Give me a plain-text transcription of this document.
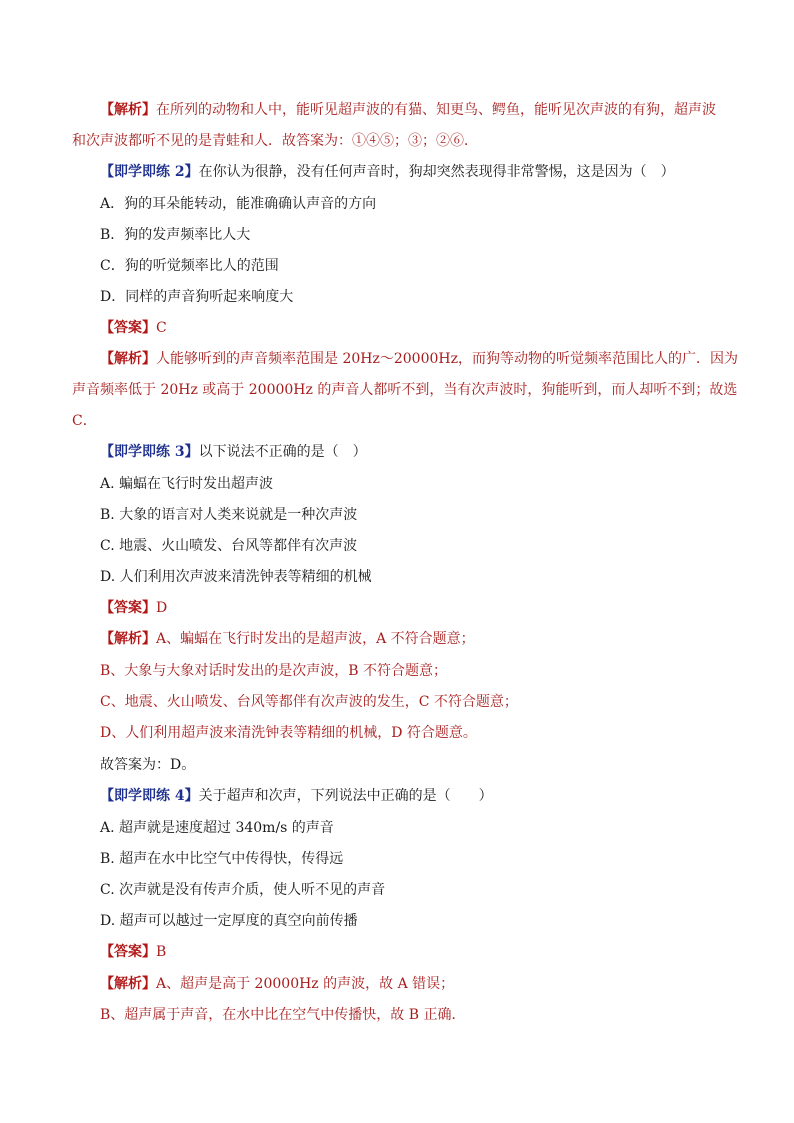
【解析】在所列的动物和人中，能听见超声波的有猫、知更鸟、鳄鱼，能听见次声波的有狗，超声波
和次声波都听不见的是青蛙和人．故答案为：①④⑤；③；②⑥．
【即学即练 2】在你认为很静，没有任何声音时，狗却突然表现得非常警惕，这是因为（　）
A．狗的耳朵能转动，能准确确认声音的方向
B．狗的发声频率比人大
C．狗的听觉频率比人的范围
D．同样的声音狗听起来响度大
【答案】C
【解析】人能够听到的声音频率范围是 20Hz～20000Hz，而狗等动物的听觉频率范围比人的广．因为
声音频率低于 20Hz 或高于 20000Hz 的声音人都听不到，当有次声波时，狗能听到，而人却听不到；故选
C．
【即学即练 3】以下说法不正确的是（　）
A. 蝙蝠在飞行时发出超声波
B. 大象的语言对人类来说就是一种次声波
C. 地震、火山喷发、台风等都伴有次声波
D. 人们利用次声波来清洗钟表等精细的机械
【答案】D
【解析】A、蝙蝠在飞行时发出的是超声波，A 不符合题意；
B、大象与大象对话时发出的是次声波，B 不符合题意；
C、地震、火山喷发、台风等都伴有次声波的发生，C 不符合题意；
D、人们利用超声波来清洗钟表等精细的机械，D 符合题意。
故答案为：D。
【即学即练 4】关于超声和次声，下列说法中正确的是（　　）
A. 超声就是速度超过 340m/s 的声音
B. 超声在水中比空气中传得快，传得远
C. 次声就是没有传声介质，使人听不见的声音
D. 超声可以越过一定厚度的真空向前传播
【答案】B
【解析】A、超声是高于 20000Hz 的声波，故 A 错误；
B、超声属于声音，在水中比在空气中传播快，故 B 正确．
